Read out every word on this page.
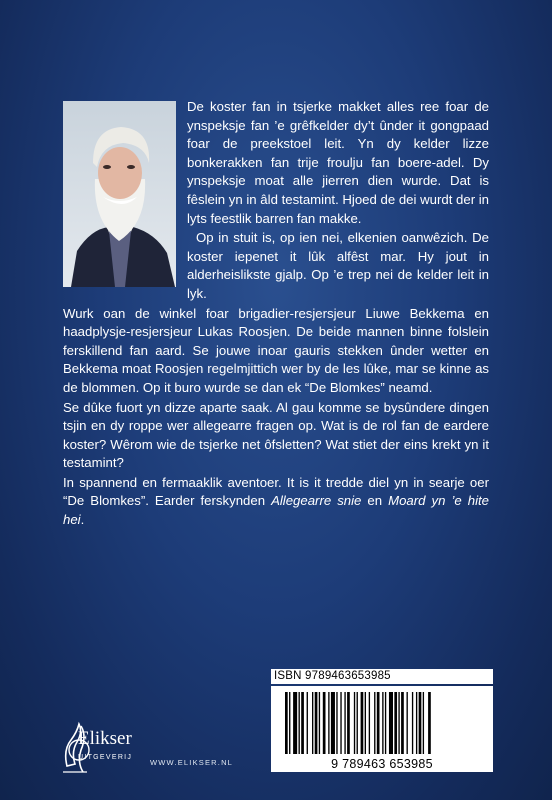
De koster fan in tsjerke makket alles ree foar de ynspeksje fan ’e grêfkelder dy’t ûnder it gongpaad foar de preekstoel leit. Yn dy kelder lizze bonkerakken fan trije froulju fan boere-adel. Dy ynspeksje moat alle jierren dien wurde. Dat is fêslein yn in âld testamint. Hjoed de dei wurdt der in lyts feestlik barren fan makke.

Op in stuit is, op ien nei, elkenien oanwêzich. De koster iepenet it lûk alfêst mar. Hy jout in alderheislikste gjalp. Op ’e trep nei de kelder leit in lyk.

Wurk oan de winkel foar brigadier-resjersjeur Liuwe Bekkema en haadplysje-resjersjeur Lukas Roosjen. De beide mannen binne folslein ferskillend fan aard. Se jouwe inoar gauris stekken ûnder wetter en Bekkema moat Roosjen regelmjittich wer by de les lûke, mar se kinne as de blommen. Op it buro wurde se dan ek “De Blomkes” neamd.

Se dûke fuort yn dizze aparte saak. Al gau komme se bysûndere dingen tsjin en dy roppe wer allegearre fragen op. Wat is de rol fan de eardere koster? Wêrom wie de tsjerke net ôfsletten? Wat stiet der eins krekt yn it testamint?

In spannend en fermaaklik aventoer. It is it tredde diel yn in searje oer “De Blomkes”. Earder ferskynden Allegearre snie en Moard yn ’e hite hei.

ISBN 9789463653985
9 789463 653985
Elikser
UITGEVERIJ
WWW.ELIKSER.NL
